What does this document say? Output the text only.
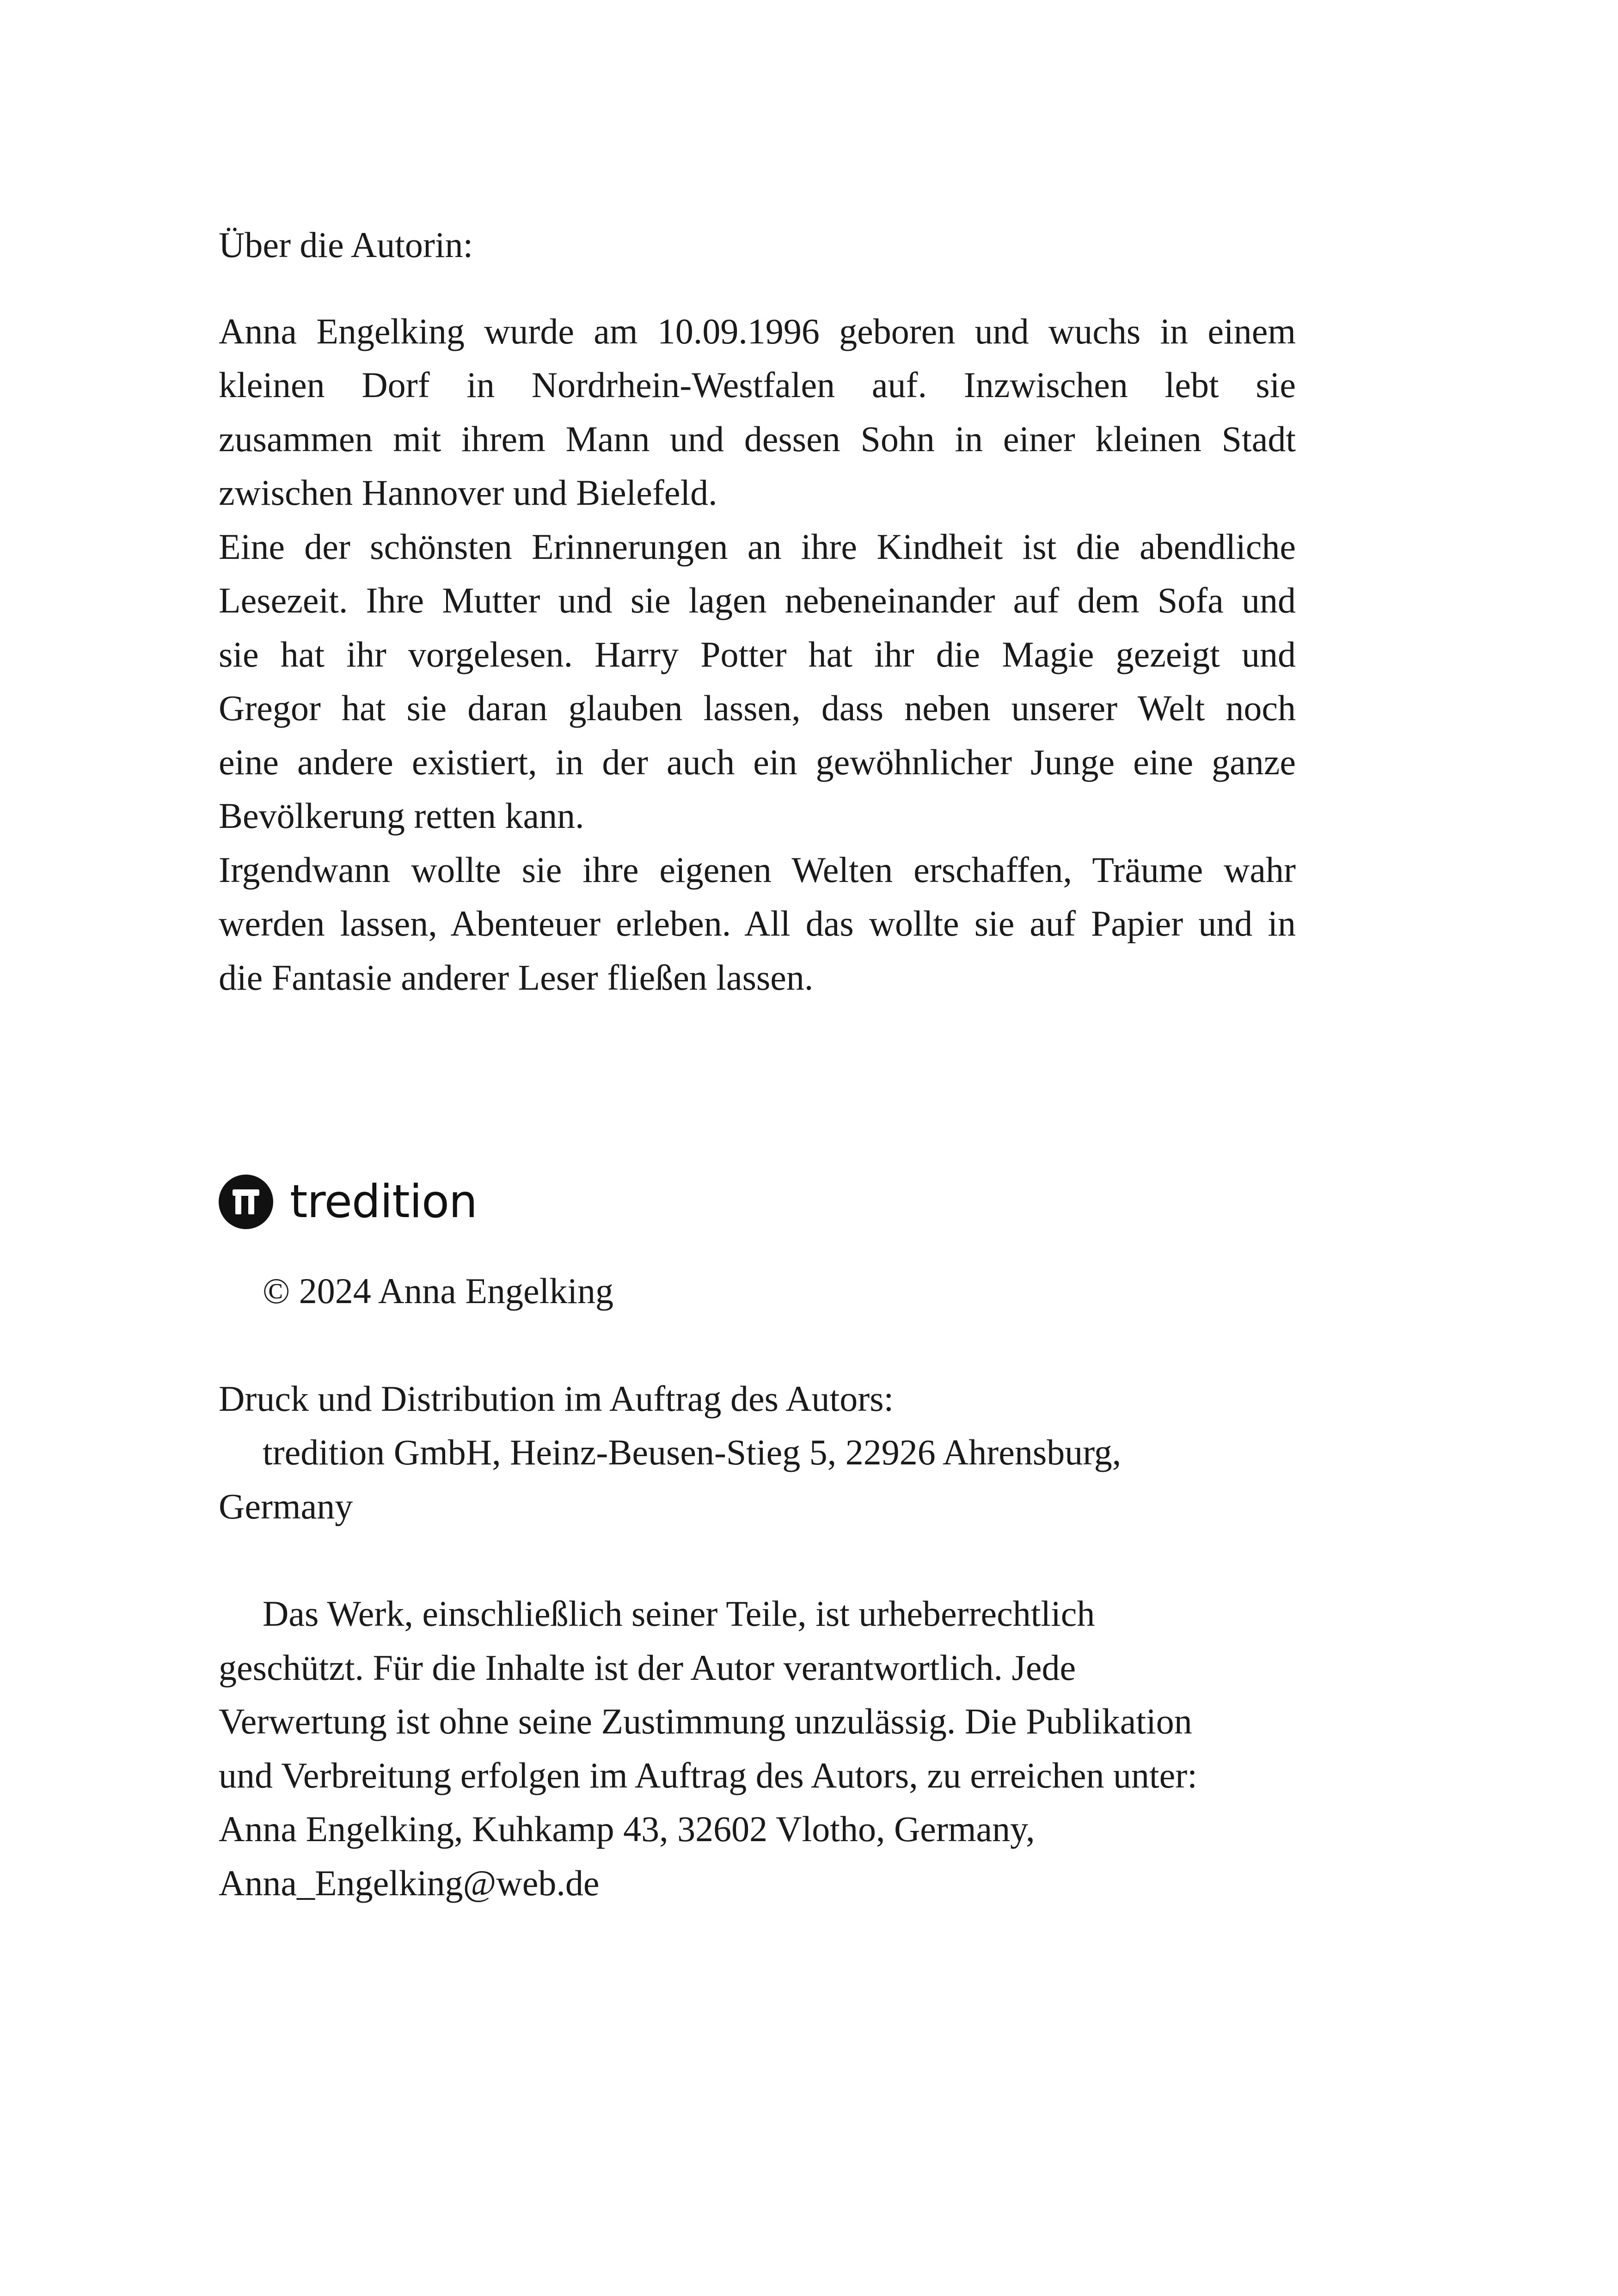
Über die Autorin:

Anna Engelking wurde am 10.09.1996 geboren und wuchs in einem
kleinen Dorf in Nordrhein-Westfalen auf. Inzwischen lebt sie
zusammen mit ihrem Mann und dessen Sohn in einer kleinen Stadt
zwischen Hannover und Bielefeld.
Eine der schönsten Erinnerungen an ihre Kindheit ist die abendliche
Lesezeit. Ihre Mutter und sie lagen nebeneinander auf dem Sofa und
sie hat ihr vorgelesen. Harry Potter hat ihr die Magie gezeigt und
Gregor hat sie daran glauben lassen, dass neben unserer Welt noch
eine andere existiert, in der auch ein gewöhnlicher Junge eine ganze
Bevölkerung retten kann.
Irgendwann wollte sie ihre eigenen Welten erschaffen, Träume wahr
werden lassen, Abenteuer erleben. All das wollte sie auf Papier und in
die Fantasie anderer Leser fließen lassen.
tredition

© 2024 Anna Engelking

Druck und Distribution im Auftrag des Autors:

tredition GmbH, Heinz-Beusen-Stieg 5, 22926 Ahrensburg,

Germany

Das Werk, einschließlich seiner Teile, ist urheberrechtlich
geschützt. Für die Inhalte ist der Autor verantwortlich. Jede
Verwertung ist ohne seine Zustimmung unzulässig. Die Publikation
und Verbreitung erfolgen im Auftrag des Autors, zu erreichen unter:
Anna Engelking, Kuhkamp 43, 32602 Vlotho, Germany,
Anna_Engelking@web.de
